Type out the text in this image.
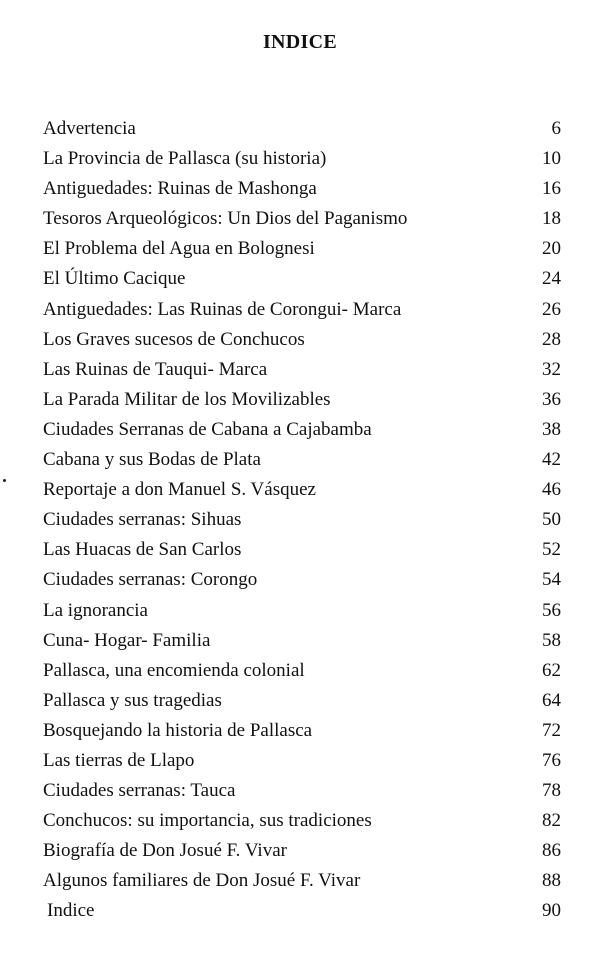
INDICE
Advertencia	6
La Provincia de Pallasca (su historia)	10
Antiguedades: Ruinas de Mashonga	16
Tesoros Arqueológicos: Un Dios del Paganismo	18
El Problema del Agua en Bolognesi	20
El Último Cacique	24
Antiguedades: Las Ruinas de Corongui- Marca	26
Los Graves sucesos de Conchucos	28
Las Ruinas de Tauqui- Marca	32
La Parada Militar de los Movilizables	36
Ciudades Serranas de Cabana a Cajabamba	38
Cabana y sus Bodas de Plata	42
Reportaje a don Manuel S. Vásquez	46
Ciudades serranas: Sihuas	50
Las Huacas de San Carlos	52
Ciudades serranas: Corongo	54
La ignorancia	56
Cuna- Hogar- Familia	58
Pallasca, una encomienda colonial	62
Pallasca y sus tragedias	64
Bosquejando la historia de Pallasca	72
Las tierras de Llapo	76
Ciudades serranas: Tauca	78
Conchucos: su importancia, sus tradiciones	82
Biografía de Don Josué F. Vivar	86
Algunos familiares de Don Josué F. Vivar	88
Indice	90
